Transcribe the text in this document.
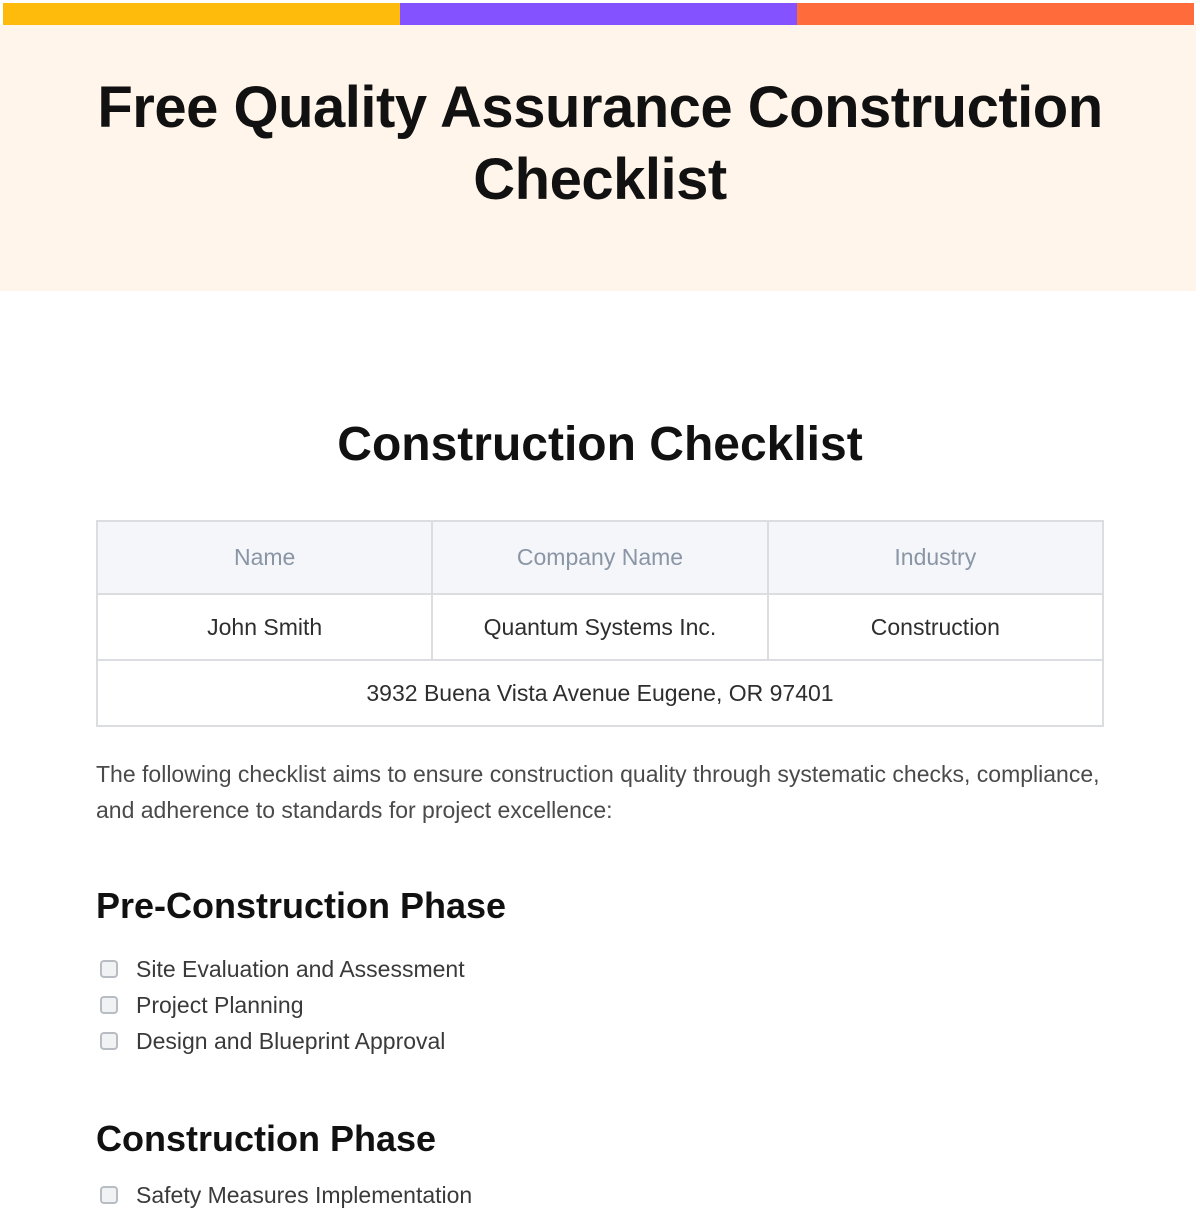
Free Quality Assurance Construction Checklist
Construction Checklist
Name	Company Name	Industry
John Smith	Quantum Systems Inc.	Construction
3932 Buena Vista Avenue Eugene, OR 97401		

The following checklist aims to ensure construction quality through systematic checks, compliance, and adherence to standards for project excellence:

Pre-Construction Phase
Site Evaluation and Assessment
Project Planning
Design and Blueprint Approval
Construction Phase
Safety Measures Implementation
